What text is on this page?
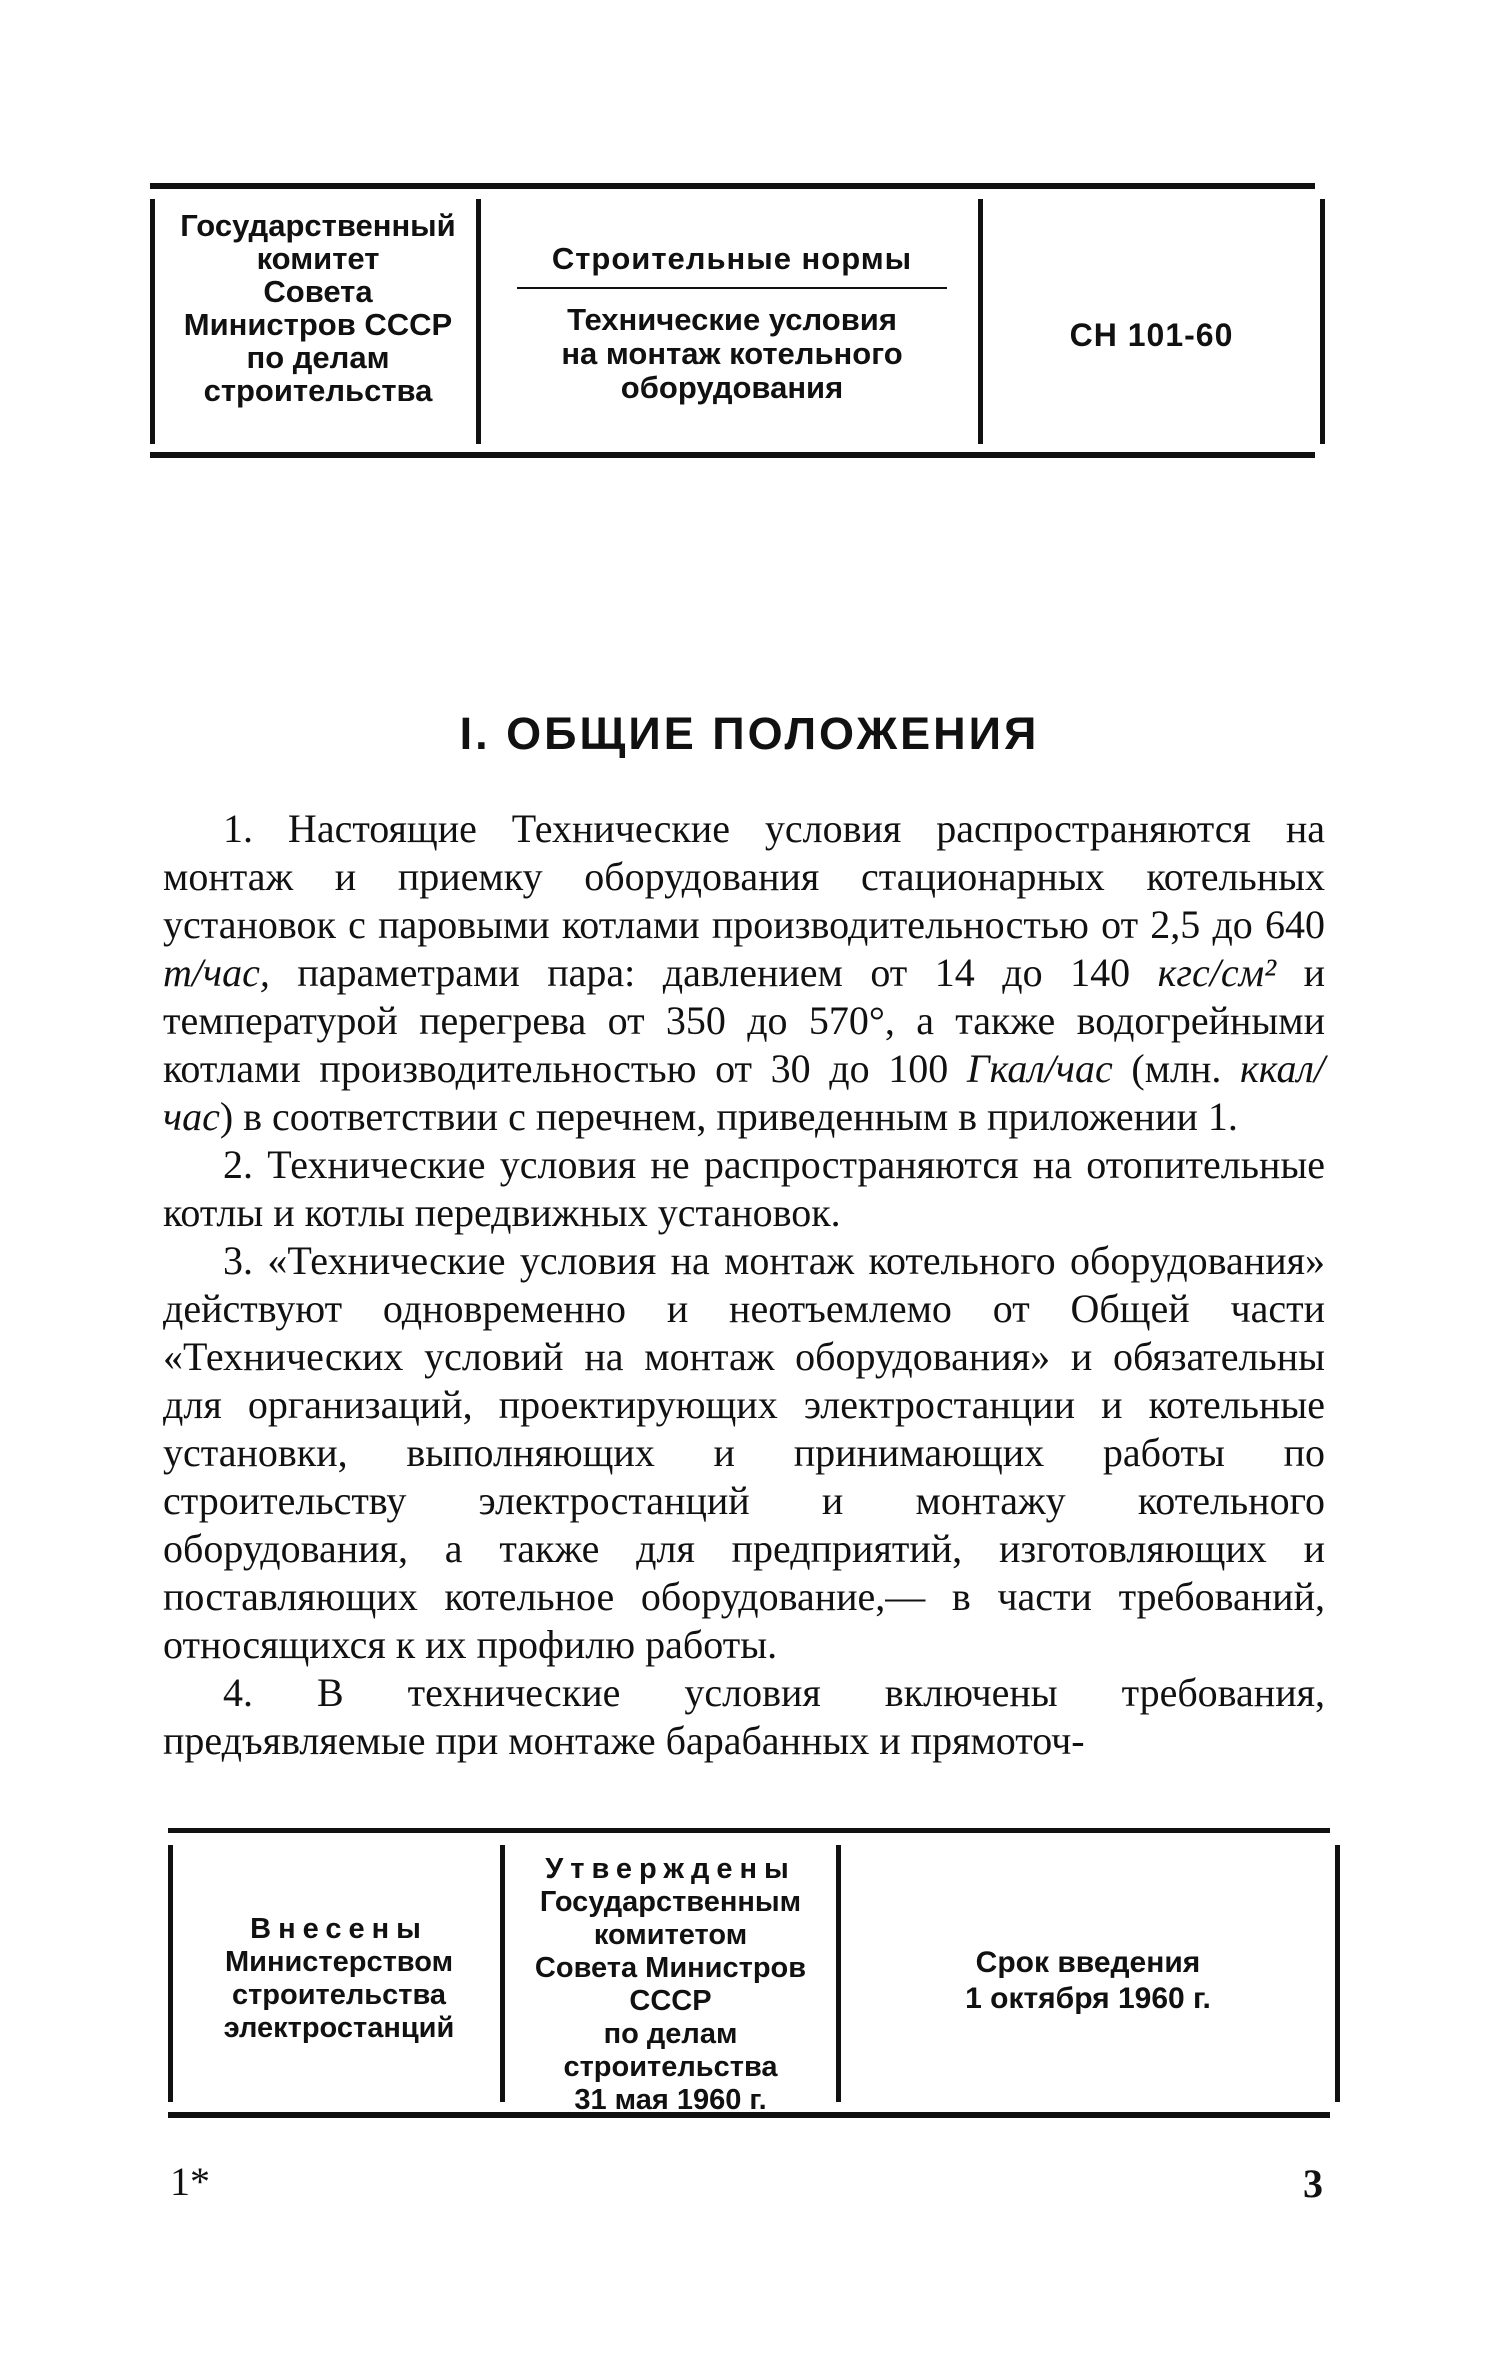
Государственный
комитет
Совета
Министров СССР
по делам
строительства
Строительные нормы
Технические условия
на монтаж котельного
оборудования
СН 101-60
I. ОБЩИЕ ПОЛОЖЕНИЯ

1. Настоящие Технические условия распространяются на монтаж и приемку оборудования стационарных котельных установок с паровыми котлами производительностью от 2,5 до 640 т/час, параметрами пара: давлением от 14 до 140 кгс/см² и температурой перегрева от 350 до 570°, а также водогрейными котлами производительностью от 30 до 100 Гкал/час (млн. ккал/час) в соответствии с перечнем, приведенным в приложении 1.

2. Технические условия не распространяются на отопительные котлы и котлы передвижных установок.

3. «Технические условия на монтаж котельного оборудования» действуют одновременно и неотъемлемо от Общей части «Технических условий на монтаж оборудования» и обязательны для организаций, проектирующих электростанции и котельные установки, выполняющих и принимающих работы по строительству электростанций и монтажу котельного оборудования, а также для предприятий, изготовляющих и поставляющих котельное оборудование,— в части требований, относящихся к их профилю работы.

4. В технические условия включены требования, предъявляемые при монтаже барабанных и прямоточ-

Внесены
Министерством
строительства
электростанций
Срок введения
1 октября 1960 г.
Утверждены
Государственным
комитетом
Совета Министров СССР
по делам строительства
31 мая 1960 г.
1*	3
